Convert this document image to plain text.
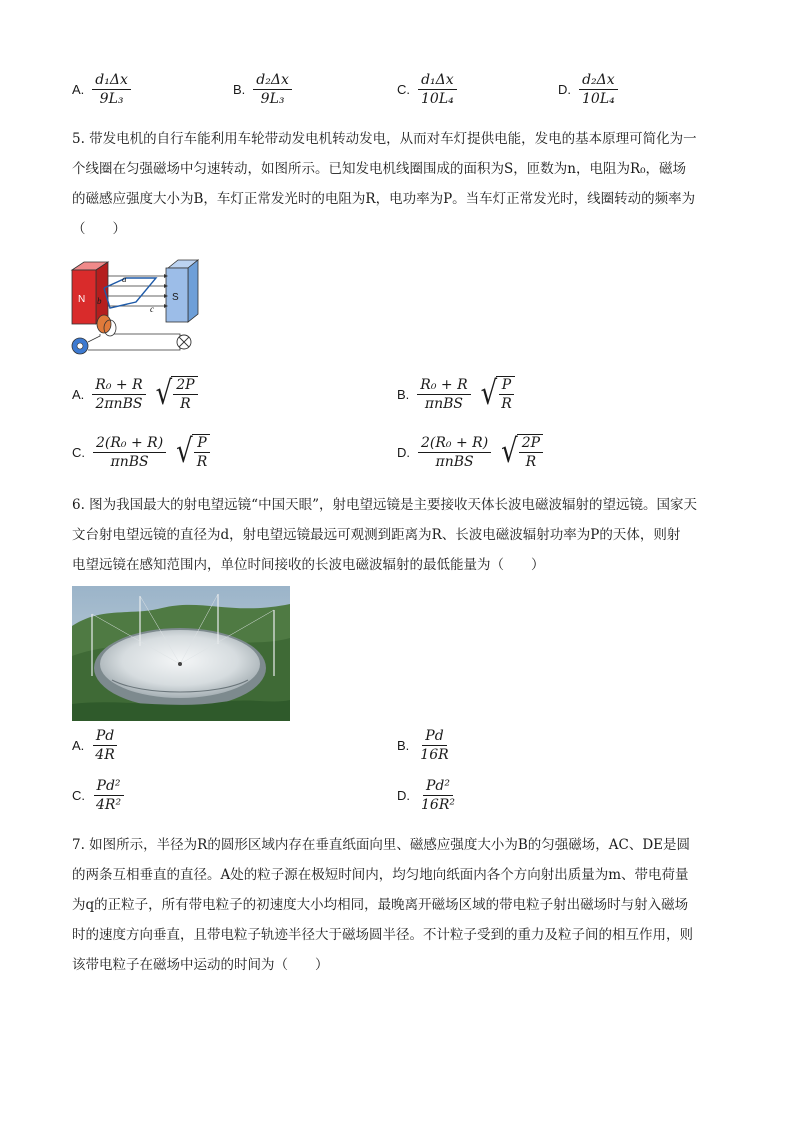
A. $\frac{\text{d₁Δx}}{\text{9L₃}}$	B. $\frac{\text{d₂Δx}}{\text{9L₃}}$	C. $\frac{\text{d₁Δx}}{\text{10L₄}}$	D. $\frac{\text{d₂Δx}}{\text{10L₄}}$
5. 带发电机的自行车能利用车轮带动发电机转动发电，从而对车灯提供电能，发电的基本原理可简化为一
个线圈在匀强磁场中匀速转动，如图所示。已知发电机线圈围成的面积为S，匝数为n，电阻为R₀，磁场
的磁感应强度大小为B，车灯正常发光时的电阻为R，电功率为P。当车灯正常发光时，线圈转动的频率为
（　　）
N	S
a
b
c
A. $\frac{\text{R₀ + R}}{\text{2πnBS}}$ √ $\frac{2P}{R}$	B. $\frac{\text{R₀ + R}}{\text{πnBS}}$ √ $\frac{P}{R}$
C. $\frac{\text{2(R₀ + R)}}{\text{πnBS}}$ √ $\frac{P}{R}$	D. $\frac{\text{2(R₀ + R)}}{\text{πnBS}}$ √ $\frac{2P}{R}$
6. 图为我国最大的射电望远镜“中国天眼”，射电望远镜是主要接收天体长波电磁波辐射的望远镜。国家天
文台射电望远镜的直径为d，射电望远镜最远可观测到距离为R、长波电磁波辐射功率为P的天体，则射
电望远镜在感知范围内，单位时间接收的长波电磁波辐射的最低能量为（　　）
A. $\frac{Pd}{4R}$	B. $\frac{Pd}{16R}$
C. $\frac{\text{Pd²}}{\text{4R²}}$	D. $\frac{\text{Pd²}}{\text{16R²}}$
7. 如图所示，半径为R的圆形区域内存在垂直纸面向里、磁感应强度大小为B的匀强磁场，AC、DE是圆
的两条互相垂直的直径。A处的粒子源在极短时间内，均匀地向纸面内各个方向射出质量为m、带电荷量
为q的正粒子，所有带电粒子的初速度大小均相同，最晚离开磁场区域的带电粒子射出磁场时与射入磁场
时的速度方向垂直，且带电粒子轨迹半径大于磁场圆半径。不计粒子受到的重力及粒子间的相互作用，则
该带电粒子在磁场中运动的时间为（　　）
